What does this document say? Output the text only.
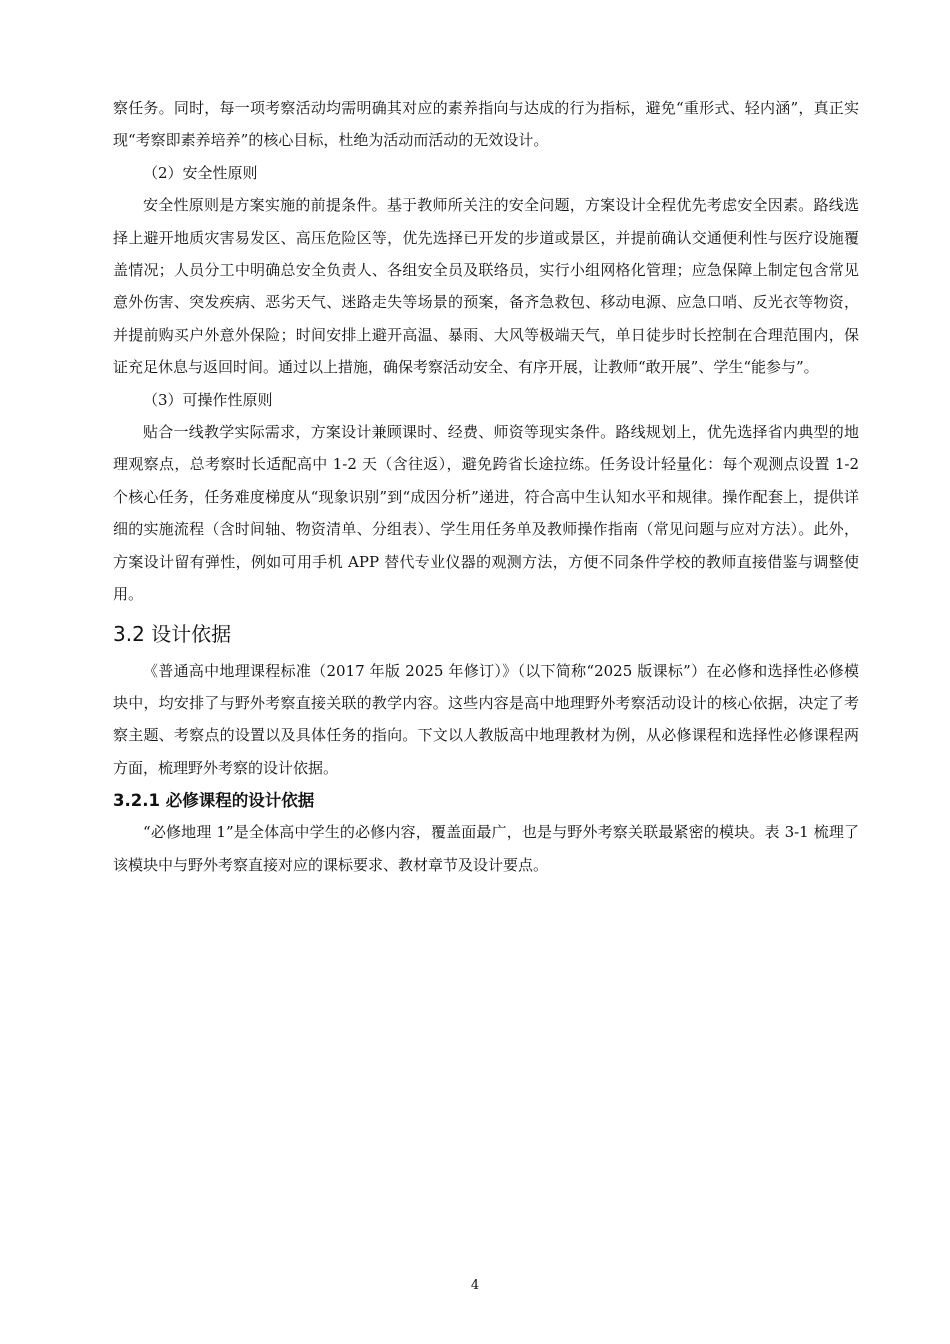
察任务。同时，每一项考察活动均需明确其对应的素养指向与达成的行为指标，避免“重形式、轻内涵”，真正实现“考察即素养培养”的核心目标，杜绝为活动而活动的无效设计。

（2）安全性原则

安全性原则是方案实施的前提条件。基于教师所关注的安全问题，方案设计全程优先考虑安全因素。路线选择上避开地质灾害易发区、高压危险区等，优先选择已开发的步道或景区，并提前确认交通便利性与医疗设施覆盖情况；人员分工中明确总安全负责人、各组安全员及联络员，实行小组网格化管理；应急保障上制定包含常见意外伤害、突发疾病、恶劣天气、迷路走失等场景的预案，备齐急救包、移动电源、应急口哨、反光衣等物资，并提前购买户外意外保险；时间安排上避开高温、暴雨、大风等极端天气，单日徒步时长控制在合理范围内，保证充足休息与返回时间。通过以上措施，确保考察活动安全、有序开展，让教师“敢开展”、学生“能参与”。

（3）可操作性原则

贴合一线教学实际需求，方案设计兼顾课时、经费、师资等现实条件。路线规划上，优先选择省内典型的地理观察点，总考察时长适配高中 1-2 天（含往返），避免跨省长途拉练。任务设计轻量化：每个观测点设置 1-2 个核心任务，任务难度梯度从“现象识别”到“成因分析”递进，符合高中生认知水平和规律。操作配套上，提供详细的实施流程（含时间轴、物资清单、分组表）、学生用任务单及教师操作指南（常见问题与应对方法）。此外，方案设计留有弹性，例如可用手机 APP 替代专业仪器的观测方法，方便不同条件学校的教师直接借鉴与调整使用。

3.2 设计依据

《普通高中地理课程标准（2017 年版 2025 年修订）》（以下简称“2025 版课标”）在必修和选择性必修模块中，均安排了与野外考察直接关联的教学内容。这些内容是高中地理野外考察活动设计的核心依据，决定了考察主题、考察点的设置以及具体任务的指向。下文以人教版高中地理教材为例，从必修课程和选择性必修课程两方面，梳理野外考察的设计依据。

3.2.1 必修课程的设计依据

“必修地理 1”是全体高中学生的必修内容，覆盖面最广，也是与野外考察关联最紧密的模块。表 3-1 梳理了该模块中与野外考察直接对应的课标要求、教材章节及设计要点。

4
